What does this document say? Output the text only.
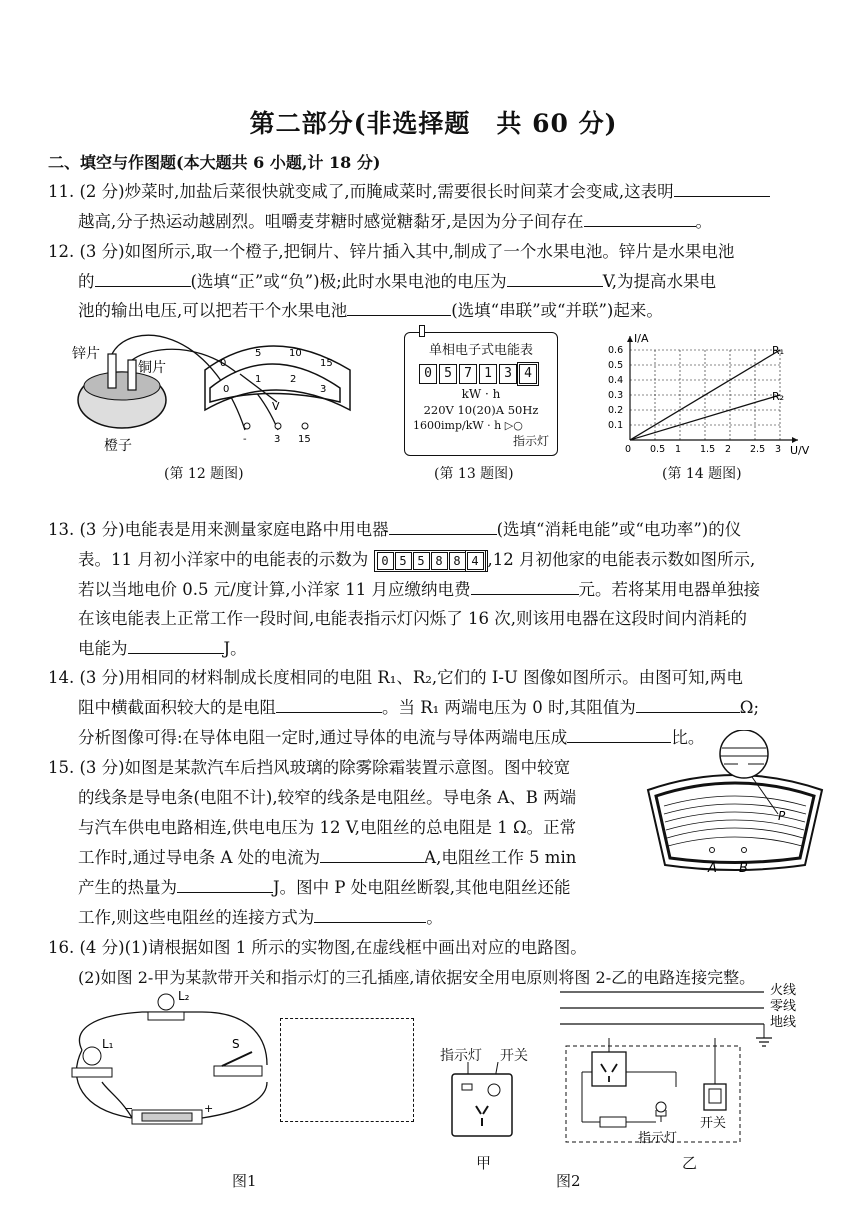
第二部分(非选择题　共 60 分)
二、填空与作图题(本大题共 6 小题,计 18 分)
11. (2 分)炒菜时,加盐后菜很快就变咸了,而腌咸菜时,需要很长时间菜才会变咸,这表明
越高,分子热运动越剧烈。咀嚼麦芽糖时感觉糖黏牙,是因为分子间存在	。
12. (3 分)如图所示,取一个橙子,把铜片、锌片插入其中,制成了一个水果电池。锌片是水果电池
的	(选填“正”或“负”)极;此时水果电池的电压为	V,为提高水果电
池的输出电压,可以把若干个水果电池	(选填“串联”或“并联”)起来。
锌片
铜片
橙子
0
5	10
15
0
1	2
3
V
-	3 15
(第 12 题图)
单相电子式电能表
0 5 7 1 3 4
kW · h
220V 10(20)A 50Hz
1600imp/kW · h ▷○
指示灯
(第 13 题图)
0 0.5 1 1.5 2 2.5 3
0.6
0.5
0.4
0.3
0.2
0.1
I/A
U/V
R₁
R₂
(第 14 题图)
13. (3 分)电能表是用来测量家庭电路中用电器	(选填“消耗电能”或“电功率”)的仪
表。11 月初小洋家中的电能表的示数为 0 5 5 8 8 4 ,12 月初他家的电能表示数如图所示,
若以当地电价 0.5 元/度计算,小洋家 11 月应缴纳电费	元。若将某用电器单独接
在该电能表上正常工作一段时间,电能表指示灯闪烁了 16 次,则该用电器在这段时间内消耗的
电能为	J。
14. (3 分)用相同的材料制成长度相同的电阻 R₁、R₂,它们的 I-U 图像如图所示。由图可知,两电
阻中横截面积较大的是电阻	。当 R₁ 两端电压为 0 时,其阻值为	Ω;
分析图像可得:在导体电阻一定时,通过导体的电流与导体两端电压成	比。
15. (3 分)如图是某款汽车后挡风玻璃的除雾除霜装置示意图。图中较宽
的线条是导电条(电阻不计),较窄的线条是电阻丝。导电条 A、B 两端
与汽车供电电路相连,供电电压为 12 V,电阻丝的总电阻是 1 Ω。正常
工作时,通过导电条 A 处的电流为	A,电阻丝工作 5 min
产生的热量为	J。图中 P 处电阻丝断裂,其他电阻丝还能
工作,则这些电阻丝的连接方式为	。
P
A B
16. (4 分)(1)请根据如图 1 所示的实物图,在虚线框中画出对应的电路图。
(2)如图 2-甲为某款带开关和指示灯的三孔插座,请依据安全用电原则将图 2-乙的电路连接完整。
L₂
L₁	S
−	+
图1
指示灯 开关
甲
图2
火线
零线
地线
指示灯
开关
乙
